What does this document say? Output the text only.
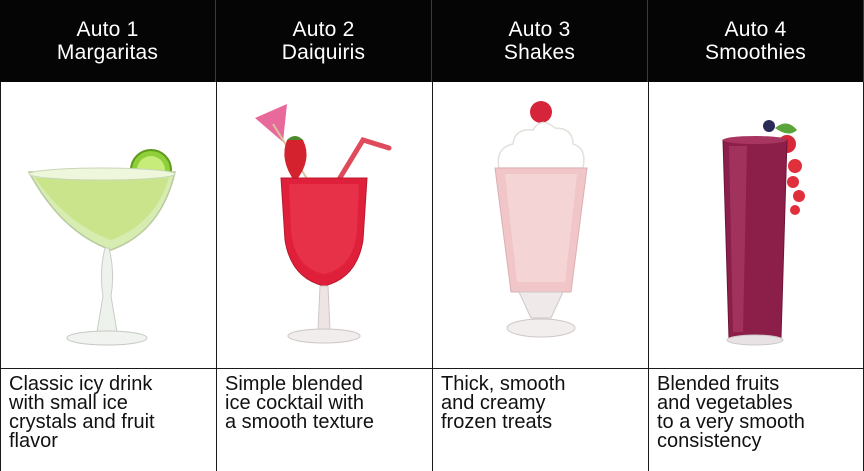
Auto 1
Margaritas
Auto 2
Daiquiris
Auto 3
Shakes
Auto 4
Smoothies
Classic icy drink
with small ice
crystals and fruit
flavor
Simple blended
ice cocktail with
a smooth texture
Thick, smooth
and creamy
frozen treats
Blended fruits
and vegetables
to a very smooth
consistency
